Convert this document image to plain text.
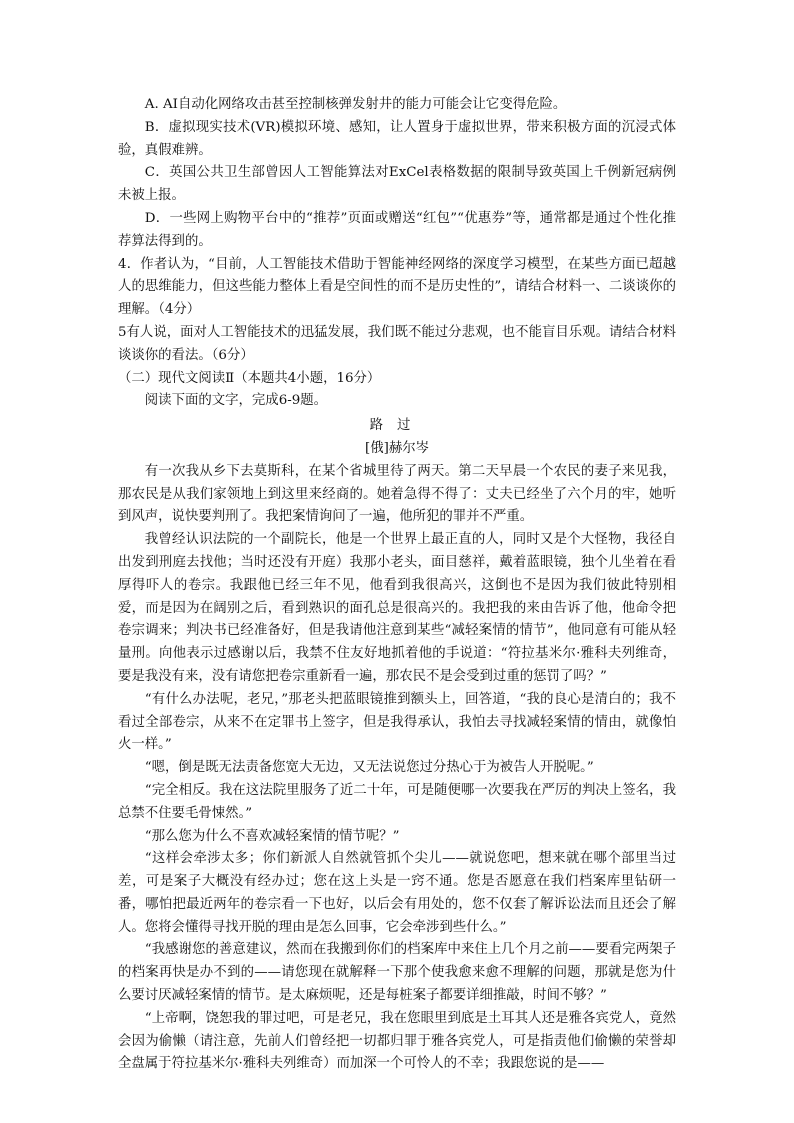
A. AI自动化网络攻击甚至控制核弹发射井的能力可能会让它变得危险。

B．虚拟现实技术(VR)模拟环境、感知，让人置身于虚拟世界，带来积极方面的沉浸式体验，真假难辨。

C．英国公共卫生部曾因人工智能算法对ExCel表格数据的限制导致英国上千例新冠病例未被上报。

D．一些网上购物平台中的“推荐”页面或赠送“红包”“优惠券”等，通常都是通过个性化推荐算法得到的。

4．作者认为，“目前，人工智能技术借助于智能神经网络的深度学习模型，在某些方面已超越人的思维能力，但这些能力整体上看是空间性的而不是历史性的”，请结合材料一、二谈谈你的理解。（4分）

5有人说，面对人工智能技术的迅猛发展，我们既不能过分悲观，也不能盲目乐观。请结合材料谈谈你的看法。（6分）

（二）现代文阅读Ⅱ（本题共4小题，16分）

阅读下面的文字，完成6-9题。

路过

[俄]赫尔岑

有一次我从乡下去莫斯科，在某个省城里待了两天。第二天早晨一个农民的妻子来见我，那农民是从我们家领地上到这里来经商的。她着急得不得了：丈夫已经坐了六个月的牢，她听到风声，说快要判刑了。我把案情询问了一遍，他所犯的罪并不严重。

我曾经认识法院的一个副院长，他是一个世界上最正直的人，同时又是个大怪物，我径自出发到刑庭去找他；当时还没有开庭）我那小老头，面目慈祥，戴着蓝眼镜，独个儿坐着在看厚得吓人的卷宗。我跟他已经三年不见，他看到我很高兴，这倒也不是因为我们彼此特别相爱，而是因为在阔别之后，看到熟识的面孔总是很高兴的。我把我的来由告诉了他，他命令把卷宗调来；判决书已经准备好，但是我请他注意到某些“减轻案情的情节”，他同意有可能从轻量刑。向他表示过感谢以后，我禁不住友好地抓着他的手说道：“符拉基米尔·雅科夫列维奇，要是我没有来，没有请您把卷宗重新看一遍，那农民不是会受到过重的惩罚了吗？”

“有什么办法呢，老兄，”那老头把蓝眼镜推到额头上，回答道，“我的良心是清白的；我不看过全部卷宗，从来不在定罪书上签字，但是我得承认，我怕去寻找减轻案情的情由，就像怕火一样。”

“嗯，倒是既无法责备您宽大无边，又无法说您过分热心于为被告人开脱呢。”

“完全相反。我在这法院里服务了近二十年，可是随便哪一次要我在严厉的判决上签名，我总禁不住要毛骨悚然。”

“那么您为什么不喜欢减轻案情的情节呢？”

“这样会牵涉太多；你们新派人自然就管抓个尖儿——就说您吧，想来就在哪个部里当过差，可是案子大概没有经办过；您在这上头是一窍不通。您是否愿意在我们档案库里钻研一番，哪怕把最近两年的卷宗看一下也好，以后会有用处的，您不仅套了解诉讼法而且还会了解人。您将会懂得寻找开脱的理由是怎么回事，它会牵涉到些什么。”

“我感谢您的善意建议，然而在我搬到你们的档案库中来住上几个月之前——要看完两架子的档案再快是办不到的——请您现在就解释一下那个使我愈来愈不理解的问题，那就是您为什么要讨厌减轻案情的情节。是太麻烦呢，还是每桩案子都要详细推敲，时间不够？”

“上帝啊，饶恕我的罪过吧，可是老兄，我在您眼里到底是土耳其人还是雅各宾党人，竟然会因为偷懒（请注意，先前人们曾经把一切都归罪于雅各宾党人，可是指责他们偷懒的荣誉却全盘属于符拉基米尔·雅科夫列维奇）而加深一个可怜人的不幸；我跟您说的是——
